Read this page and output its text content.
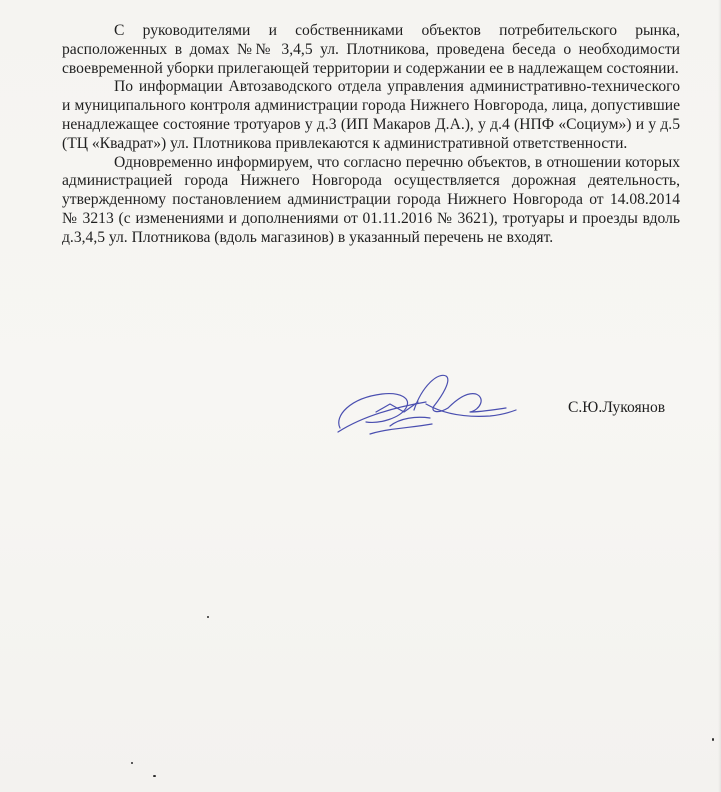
С руководителями и собственниками объектов потребительского рынка, расположенных в домах №№ 3,4,5 ул. Плотникова, проведена беседа о необходимости своевременной уборки прилегающей территории и содержании ее в надлежащем состоянии.

По информации Автозаводского отдела управления административно-технического и муниципального контроля администрации города Нижнего Новгорода, лица, допустившие ненадлежащее состояние тротуаров у д.3 (ИП Макаров Д.А.), у д.4 (НПФ «Социум») и у д.5 (ТЦ «Квадрат») ул. Плотникова привлекаются к административной ответственности.

Одновременно информируем, что согласно перечню объектов, в отношении которых администрацией города Нижнего Новгорода осуществляется дорожная деятельность, утвержденному постановлением администрации города Нижнего Новгорода от 14.08.2014 № 3213 (с изменениями и дополнениями от 01.11.2016 № 3621), тротуары и проезды вдоль д.3,4,5 ул. Плотникова (вдоль магазинов) в указанный перечень не входят.

С.Ю.Лукоянов
